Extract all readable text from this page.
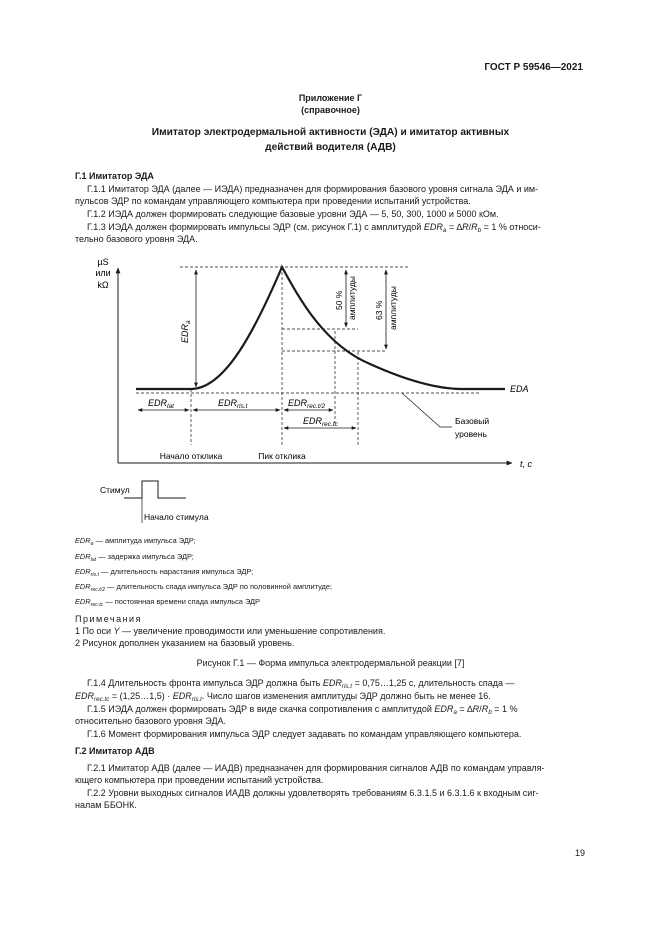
ГОСТ Р 59546—2021
Приложение Г
(справочное)
Имитатор электродермальной активности (ЭДА) и имитатор активных
действий водителя (АДВ)
Г.1 Имитатор ЭДА
Г.1.1 Имитатор ЭДА (далее — ИЭДА) предназначен для формирования базового уровня сигнала ЭДА и им-
пульсов ЭДР по командам управляющего компьютера при проведении испытаний устройства.
Г.1.2 ИЭДА должен формировать следующие базовые уровни ЭДА — 5, 50, 300, 1000 и 5000 кОм.
Г.1.3 ИЭДА должен формировать импульсы ЭДР (см. рисунок Г.1) с амплитудой $EDR_a = \Delta R/R_b = 1$ % относи-
тельно базового уровня ЭДА.
µS
или
kΩ
t, с
EDA
$EDR_a$
50 % амплитуды 63 % амплитуды
$EDR_{lat}$	$EDR_{ris.t}$	$EDR_{rec.t/2}$
$EDR_{rec.tc}$	Базовый
уровень
Начало отклика	Пик отклика
Стимул
Начало стимула
$EDR_a$ — амплитуда импульса ЭДР;
$EDR_{lat}$ — задержка импульса ЭДР;
$EDR_{ris.t}$ — длительность нарастания импульса ЭДР;
$EDR_{rec.t/2}$ — длительность спада импульса ЭДР по половинной амплитуде;
$EDR_{rec.tc}$ — постоянная времени спада импульса ЭДР
Примечания
1 По оси Y — увеличение проводимости или уменьшение сопротивления.
2 Рисунок дополнен указанием на базовый уровень.
Рисунок Г.1 — Форма импульса электродермальной реакции [7]
Г.1.4 Длительность фронта импульса ЭДР должна быть $EDR_{ris.t}$ = 0,75…1,25 с, длительность спада —
$EDR_{rec.tc}$ = (1,25…1,5) · $EDR_{ris.t}$. Число шагов изменения амплитуды ЭДР должно быть не менее 16.
Г.1.5 ИЭДА должен формировать ЭДР в виде скачка сопротивления с амплитудой $EDR_a = \Delta R/R_b = 1$ %
относительно базового уровня ЭДА.
Г.1.6 Момент формирования импульса ЭДР следует задавать по командам управляющего компьютера.
Г.2 Имитатор АДВ
Г.2.1 Имитатор АДВ (далее — ИАДВ) предназначен для формирования сигналов АДВ по командам управля-
ющего компьютера при проведении испытаний устройства.
Г.2.2 Уровни выходных сигналов ИАДВ должны удовлетворять требованиям 6.3.1.5 и 6.3.1.6 к входным сиг-
налам ББОНК.
19
